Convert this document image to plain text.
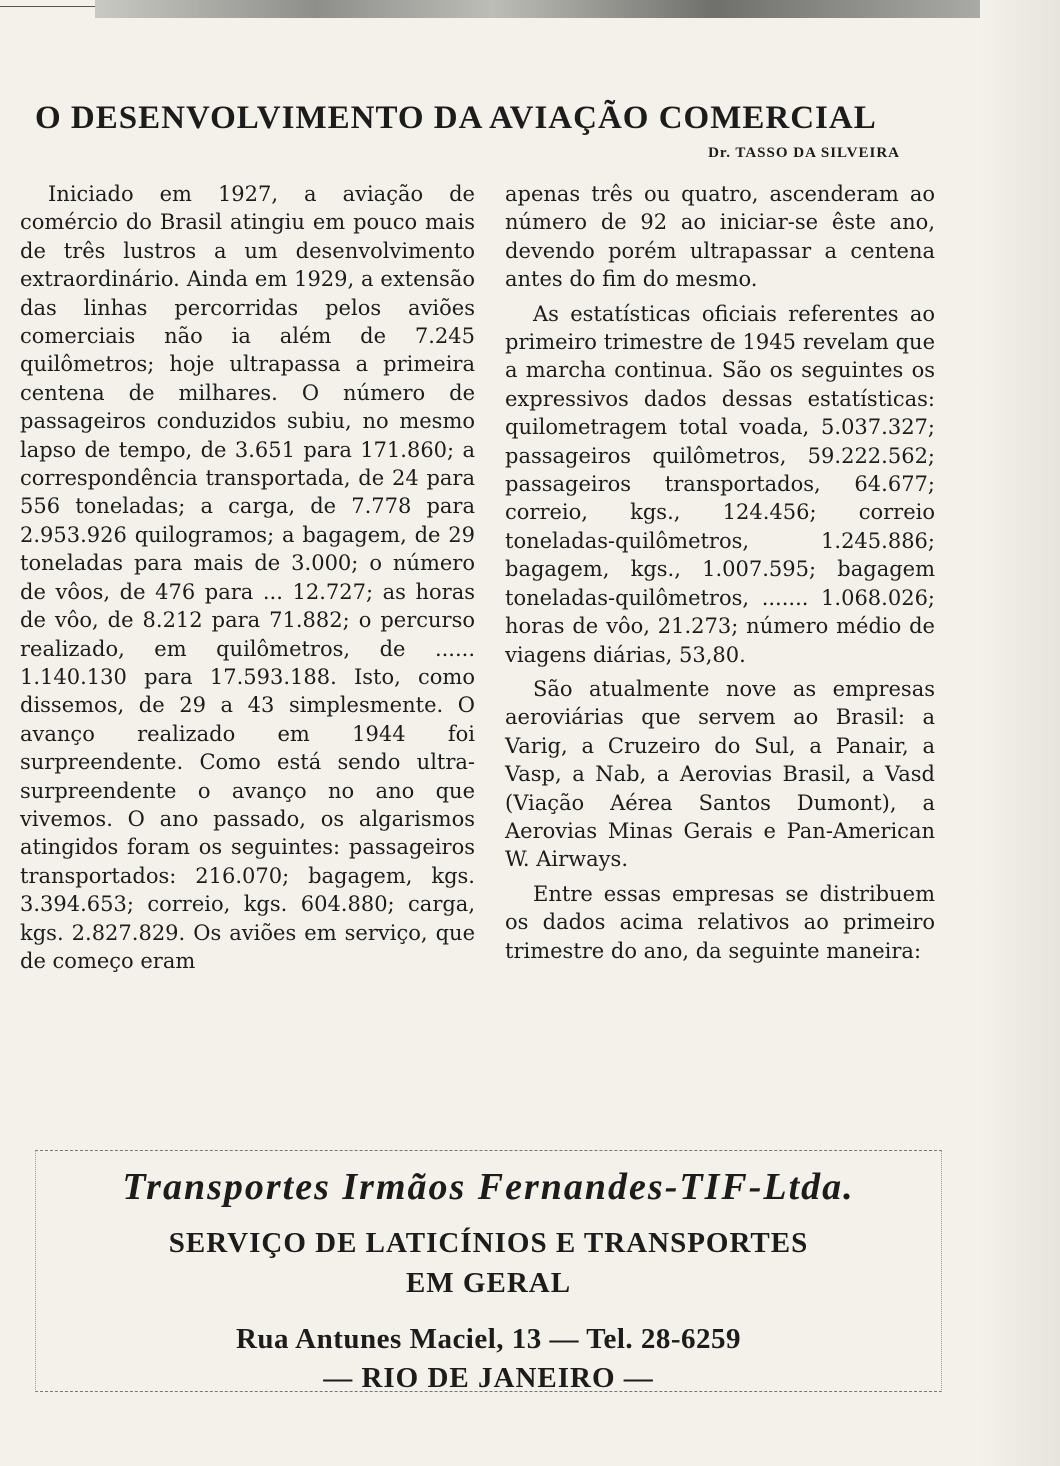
O DESENVOLVIMENTO DA AVIAÇÃO COMERCIAL
Dr. TASSO DA SILVEIRA

Iniciado em 1927, a aviação de comércio do Brasil atingiu em pouco mais de três lustros a um desenvolvimento extraordinário. Ainda em 1929, a extensão das linhas percorridas pelos aviões comerciais não ia além de 7.245 quilômetros; hoje ultrapassa a primeira centena de milhares. O número de passageiros conduzidos subiu, no mesmo lapso de tempo, de 3.651 para 171.860; a correspondência transportada, de 24 para 556 toneladas; a carga, de 7.778 para 2.953.926 quilogramos; a bagagem, de 29 toneladas para mais de 3.000; o número de vôos, de 476 para ... 12.727; as horas de vôo, de 8.212 para 71.882; o percurso realizado, em quilômetros, de ...... 1.140.130 para 17.593.188. Isto, como dissemos, de 29 a 43 simplesmente. O avanço realizado em 1944 foi surpreendente. Como está sendo ultra-surpreendente o avanço no ano que vivemos. O ano passado, os algarismos atingidos foram os seguintes: passageiros transportados: 216.070; bagagem, kgs. 3.394.653; correio, kgs. 604.880; carga, kgs. 2.827.829. Os aviões em serviço, que de começo eram

apenas três ou quatro, ascenderam ao número de 92 ao iniciar-se êste ano, devendo porém ultrapassar a centena antes do fim do mesmo.

As estatísticas oficiais referentes ao primeiro trimestre de 1945 revelam que a marcha continua. São os seguintes os expressivos dados dessas estatísticas: quilometragem total voada, 5.037.327; passageiros quilômetros, 59.222.562; passageiros transportados, 64.677; correio, kgs., 124.456; correio toneladas-quilômetros, 1.245.886; bagagem, kgs., 1.007.595; bagagem toneladas-quilômetros, ....... 1.068.026; horas de vôo, 21.273; número médio de viagens diárias, 53,80.

São atualmente nove as empresas aeroviárias que servem ao Brasil: a Varig, a Cruzeiro do Sul, a Panair, a Vasp, a Nab, a Aerovias Brasil, a Vasd (Viação Aérea Santos Dumont), a Aerovias Minas Gerais e Pan-American W. Airways.

Entre essas empresas se distribuem os dados acima relativos ao primeiro trimestre do ano, da seguinte maneira:

Transportes Irmãos Fernandes-TIF-Ltda.
SERVIÇO DE LATICÍNIOS E TRANSPORTES
EM GERAL
Rua Antunes Maciel, 13 — Tel. 28-6259
— RIO DE JANEIRO —
